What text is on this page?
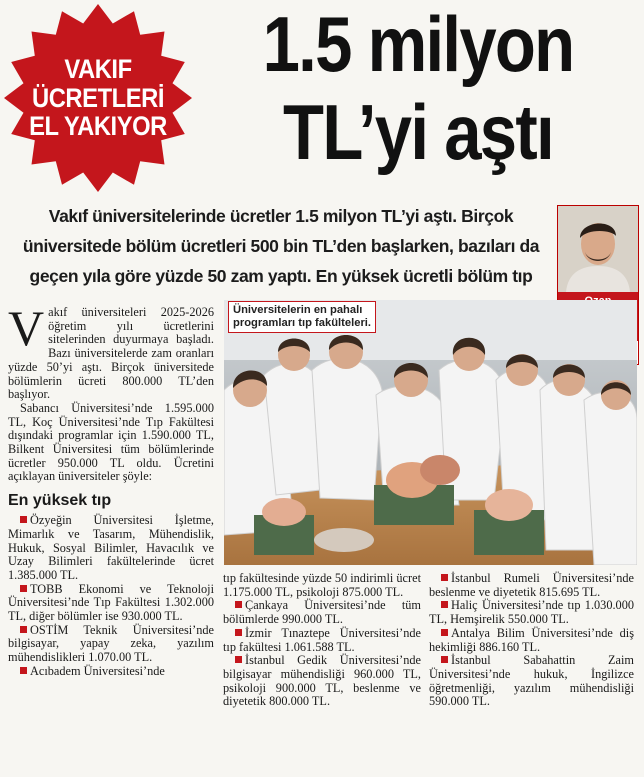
VAKIF
ÜCRETLERİ
EL YAKIYOR
1.5 milyon
TL’yi aştı
Vakıf üniversitelerinde ücretler 1.5 milyon TL’yi aştı. Birçok üniversitede bölüm ücretleri 500 bin TL’den başlarken, bazıları da geçen yıla göre yüzde 50 zam yaptı. En yüksek ücretli bölüm tıp

V akıf üniversiteleri 2025-2026 öğretim yılı ücretlerini sitelerinden duyurmaya başladı. Bazı üniversitelerde zam oranları yüzde 50’yi aştı. Birçok üniversitede bölümlerin ücreti 800.000 TL’den başlıyor.

Sabancı Üniversitesi’nde 1.595.000 TL, Koç Üniversitesi’nde Tıp Fakültesi dışındaki programlar için 1.590.000 TL, Bilkent Üniversitesi tüm bölümlerinde ücretler 950.000 TL oldu. Ücretini açıklayan üniversiteler şöyle:

En yüksek tıp

Özyeğin Üniversitesi İşletme, Mimarlık ve Tasarım, Mühendislik, Hukuk, Sosyal Bilimler, Havacılık ve Uzay Bilimleri fakültelerinde ücret 1.385.000 TL.

TOBB Ekonomi ve Teknoloji Üniversitesi’nde Tıp Fakültesi 1.302.000 TL, diğer bölümler ise 930.000 TL.

OSTİM Teknik Üniversitesi’nde bilgisayar, yapay zeka, yazılım mühendislikleri 1.070.00 TL.

Acıbadem Üniversitesi’nde

Üniversitelerin en pahalı
programları tıp fakülteleri.

tıp fakültesinde yüzde 50 indirimli ücret 1.175.000 TL, psikoloji 875.000 TL.

Çankaya Üniversitesi’nde tüm bölümlerde 990.000 TL.

İzmir Tınaztepe Üniversitesi’nde tıp fakültesi 1.061.588 TL.

İstanbul Gedik Üniversitesi’nde bilgisayar mühendisliği 960.000 TL, psikoloji 900.000 TL, beslenme ve diyetetik 800.000 TL.

İstanbul Rumeli Üniversitesi’nde beslenme ve diyetetik 815.695 TL.

Haliç Üniversitesi’nde tıp 1.030.000 TL, Hemşirelik 550.000 TL.

Antalya Bilim Üniversitesi’nde diş hekimliği 886.160 TL.

İstanbul Sabahattin Zaim Üniversitesi’nde hukuk, İngilizce öğretmenliği, yazılım mühendisliği 590.000 TL.
